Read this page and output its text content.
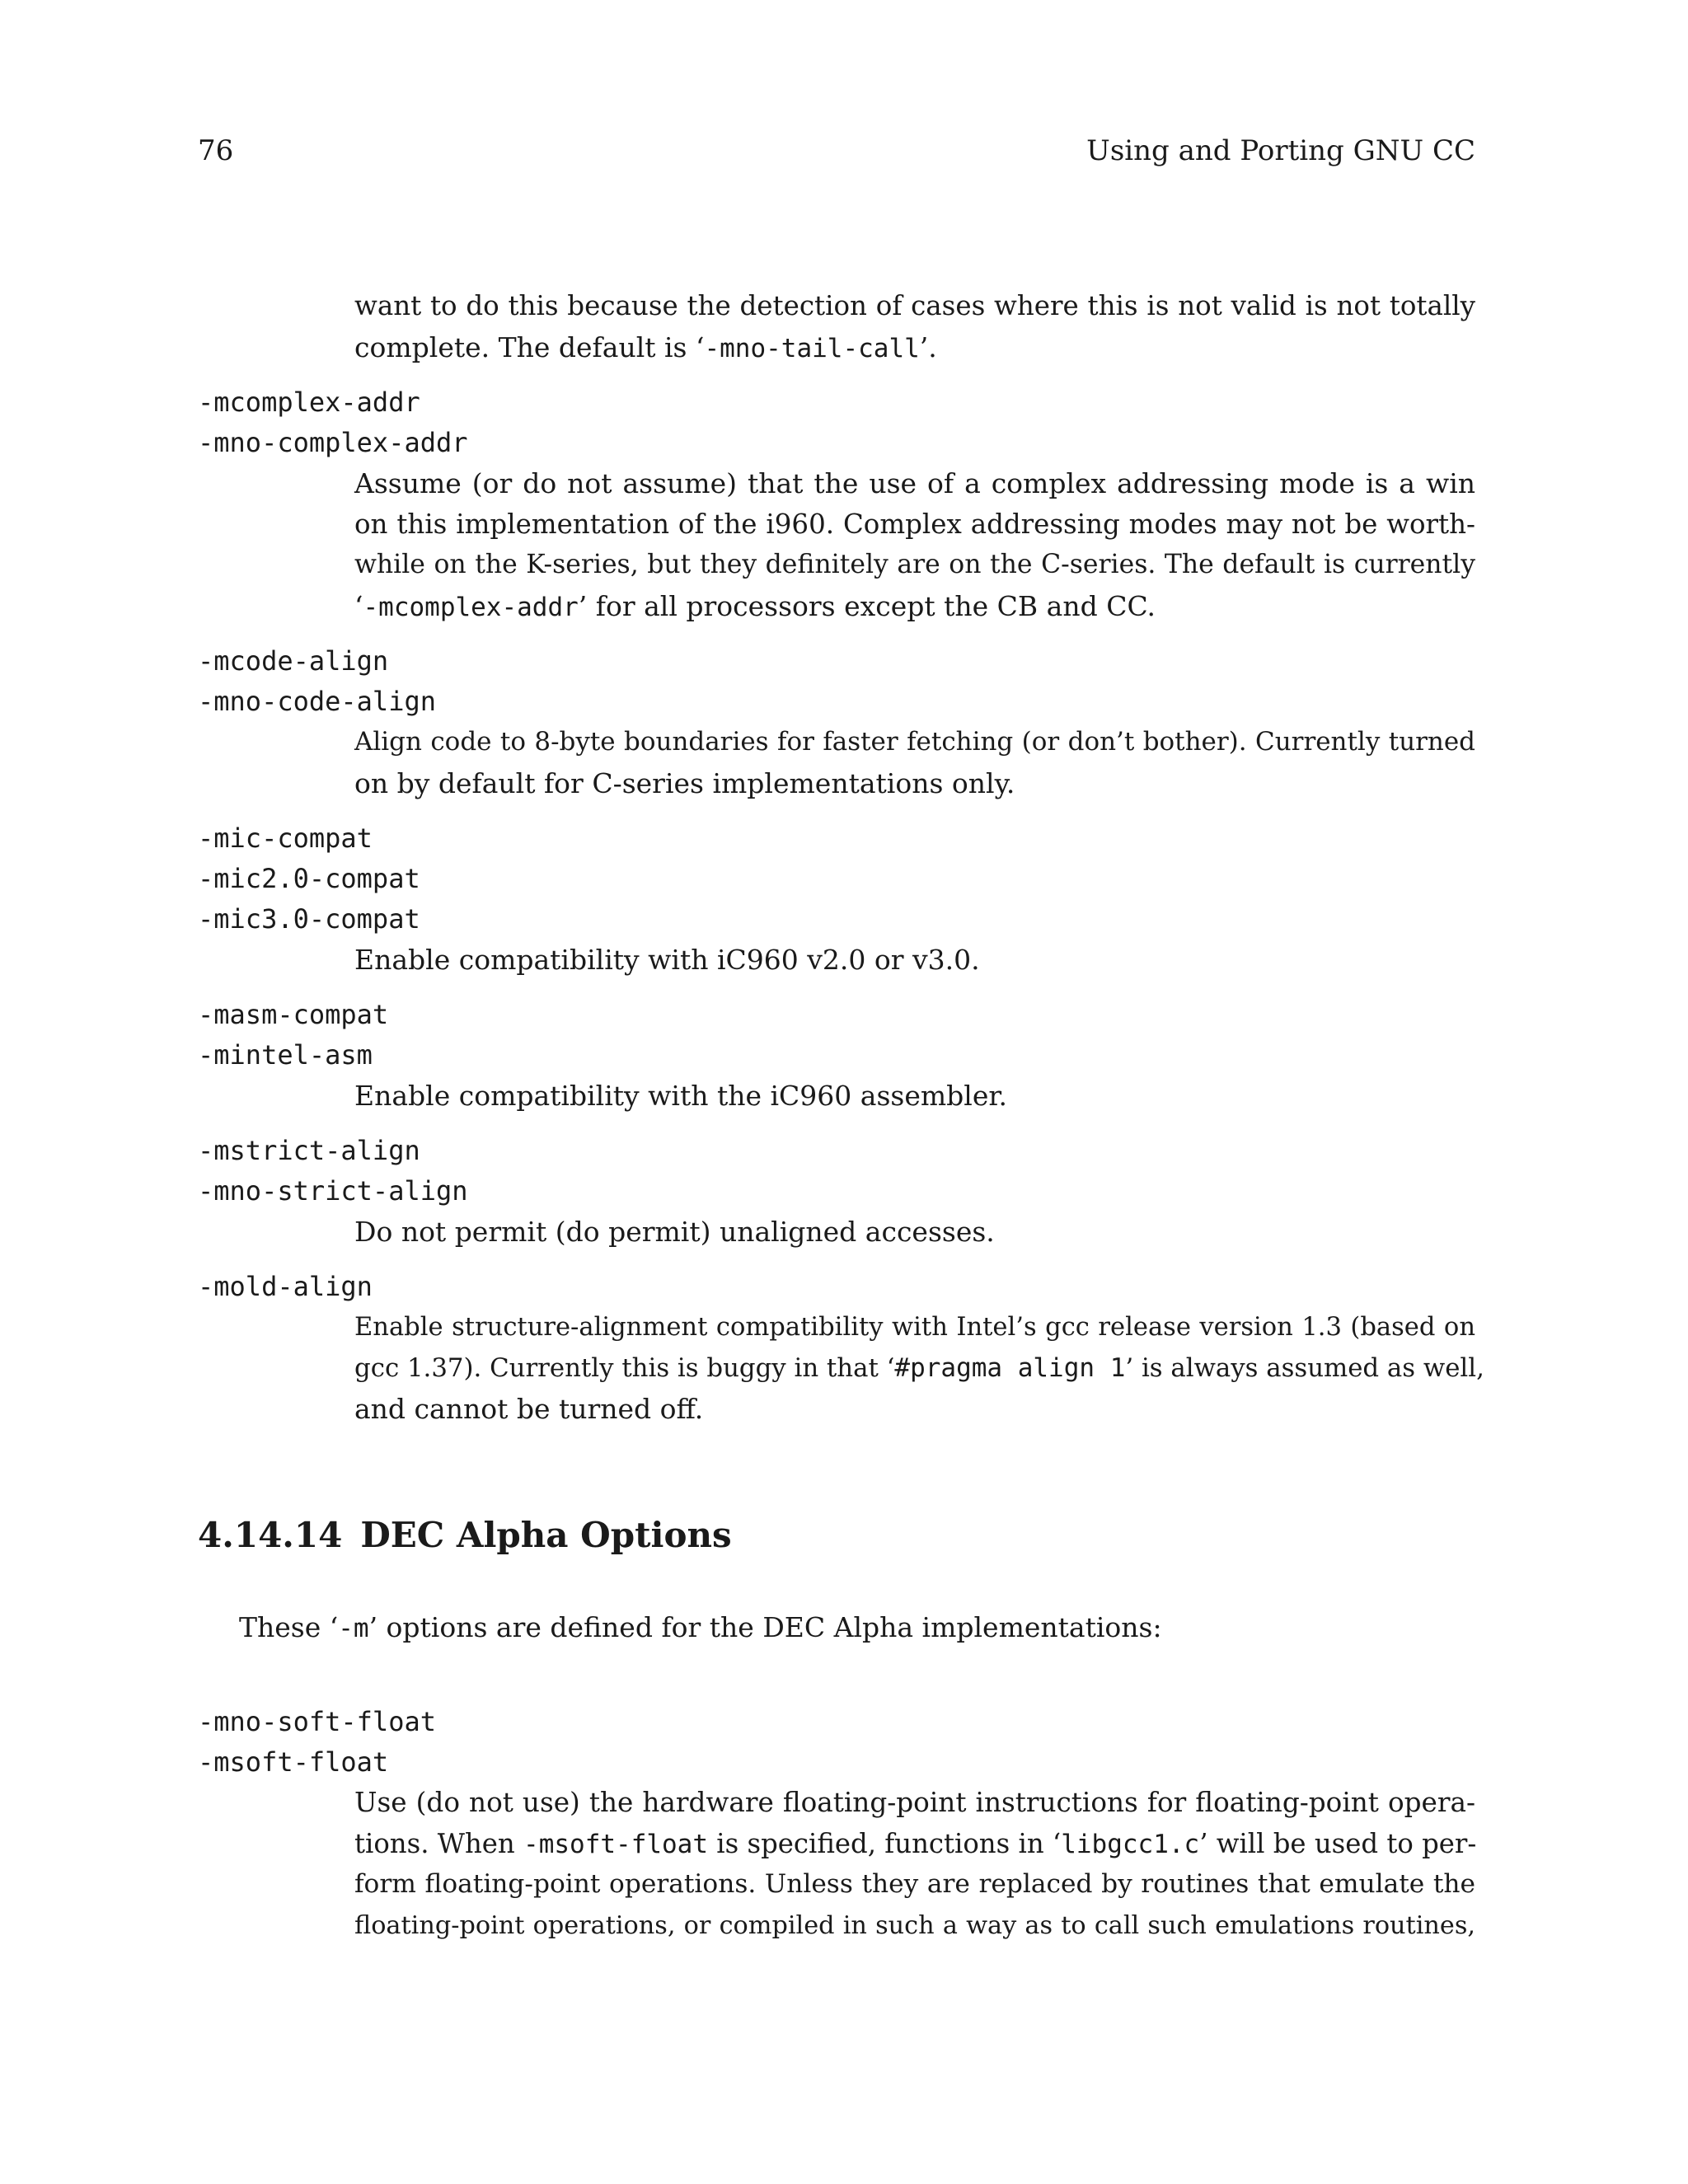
76	Using and Porting GNU CC
want to do this because the detection of cases where this is not valid is not totally
complete. The default is ‘-mno-tail-call’.
-mcomplex-addr
-mno-complex-addr
Assume (or do not assume) that the use of a complex addressing mode is a win
on this implementation of the i960. Complex addressing modes may not be worth-
while on the K-series, but they definitely are on the C-series. The default is currently
‘-mcomplex-addr’ for all processors except the CB and CC.
-mcode-align
-mno-code-align
Align code to 8-byte boundaries for faster fetching (or don’t bother). Currently turned
on by default for C-series implementations only.
-mic-compat
-mic2.0-compat
-mic3.0-compat
Enable compatibility with iC960 v2.0 or v3.0.
-masm-compat
-mintel-asm
Enable compatibility with the iC960 assembler.
-mstrict-align
-mno-strict-align
Do not permit (do permit) unaligned accesses.
-mold-align
Enable structure-alignment compatibility with Intel’s gcc release version 1.3 (based on
gcc 1.37). Currently this is buggy in that ‘#pragma align 1’ is always assumed as well,
and cannot be turned off.
4.14.14 DEC Alpha Options
These ‘-m’ options are defined for the DEC Alpha implementations:
-mno-soft-float
-msoft-float
Use (do not use) the hardware floating-point instructions for floating-point opera-
tions. When -msoft-float is specified, functions in ‘libgcc1.c’ will be used to per-
form floating-point operations. Unless they are replaced by routines that emulate the
floating-point operations, or compiled in such a way as to call such emulations routines,
